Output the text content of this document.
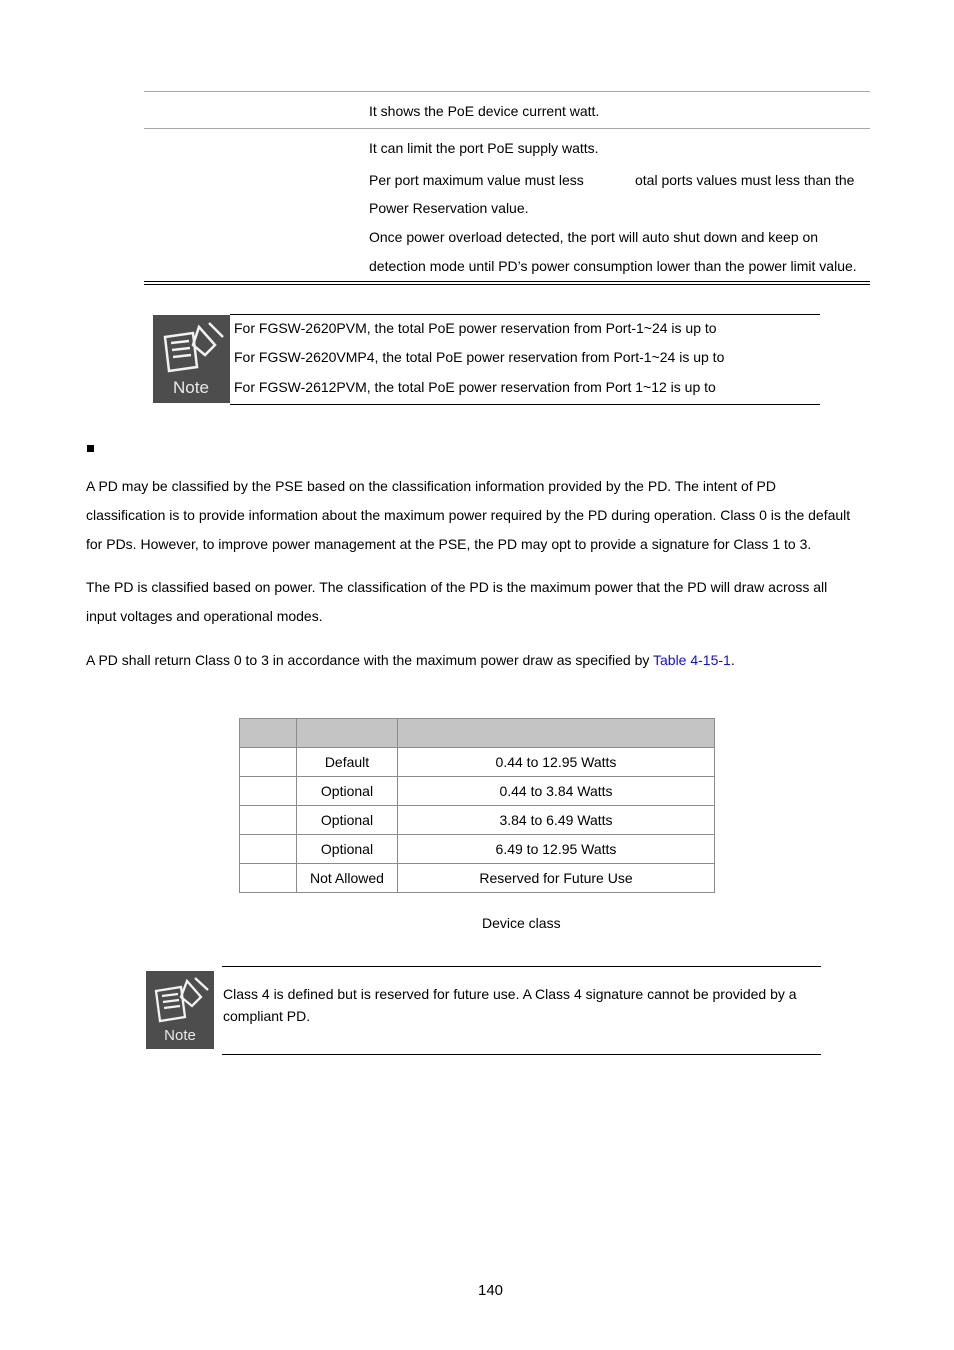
It shows the PoE device current watt.
It can limit the port PoE supply watts.
Per port maximum value must less	otal ports values must less than the
Power Reservation value.
Once power overload detected, the port will auto shut down and keep on
detection mode until PD’s power consumption lower than the power limit value.
Note
For FGSW-2620PVM, the total PoE power reservation from Port-1~24 is up to
For FGSW-2620VMP4, the total PoE power reservation from Port-1~24 is up to
For FGSW-2612PVM, the total PoE power reservation from Port 1~12 is up to
A PD may be classified by the PSE based on the classification information provided by the PD. The intent of PD
classification is to provide information about the maximum power required by the PD during operation. Class 0 is the default
for PDs. However, to improve power management at the PSE, the PD may opt to provide a signature for Class 1 to 3.
The PD is classified based on power. The classification of the PD is the maximum power that the PD will draw across all
input voltages and operational modes.
A PD shall return Class 0 to 3 in accordance with the maximum power draw as specified by Table 4-15-1.

	Default	0.44 to 12.95 Watts
	Optional	0.44 to 3.84 Watts
	Optional	3.84 to 6.49 Watts
	Optional	6.49 to 12.95 Watts
	Not Allowed	Reserved for Future Use
Device class
Note
Class 4 is defined but is reserved for future use. A Class 4 signature cannot be provided by a
compliant PD.
140
